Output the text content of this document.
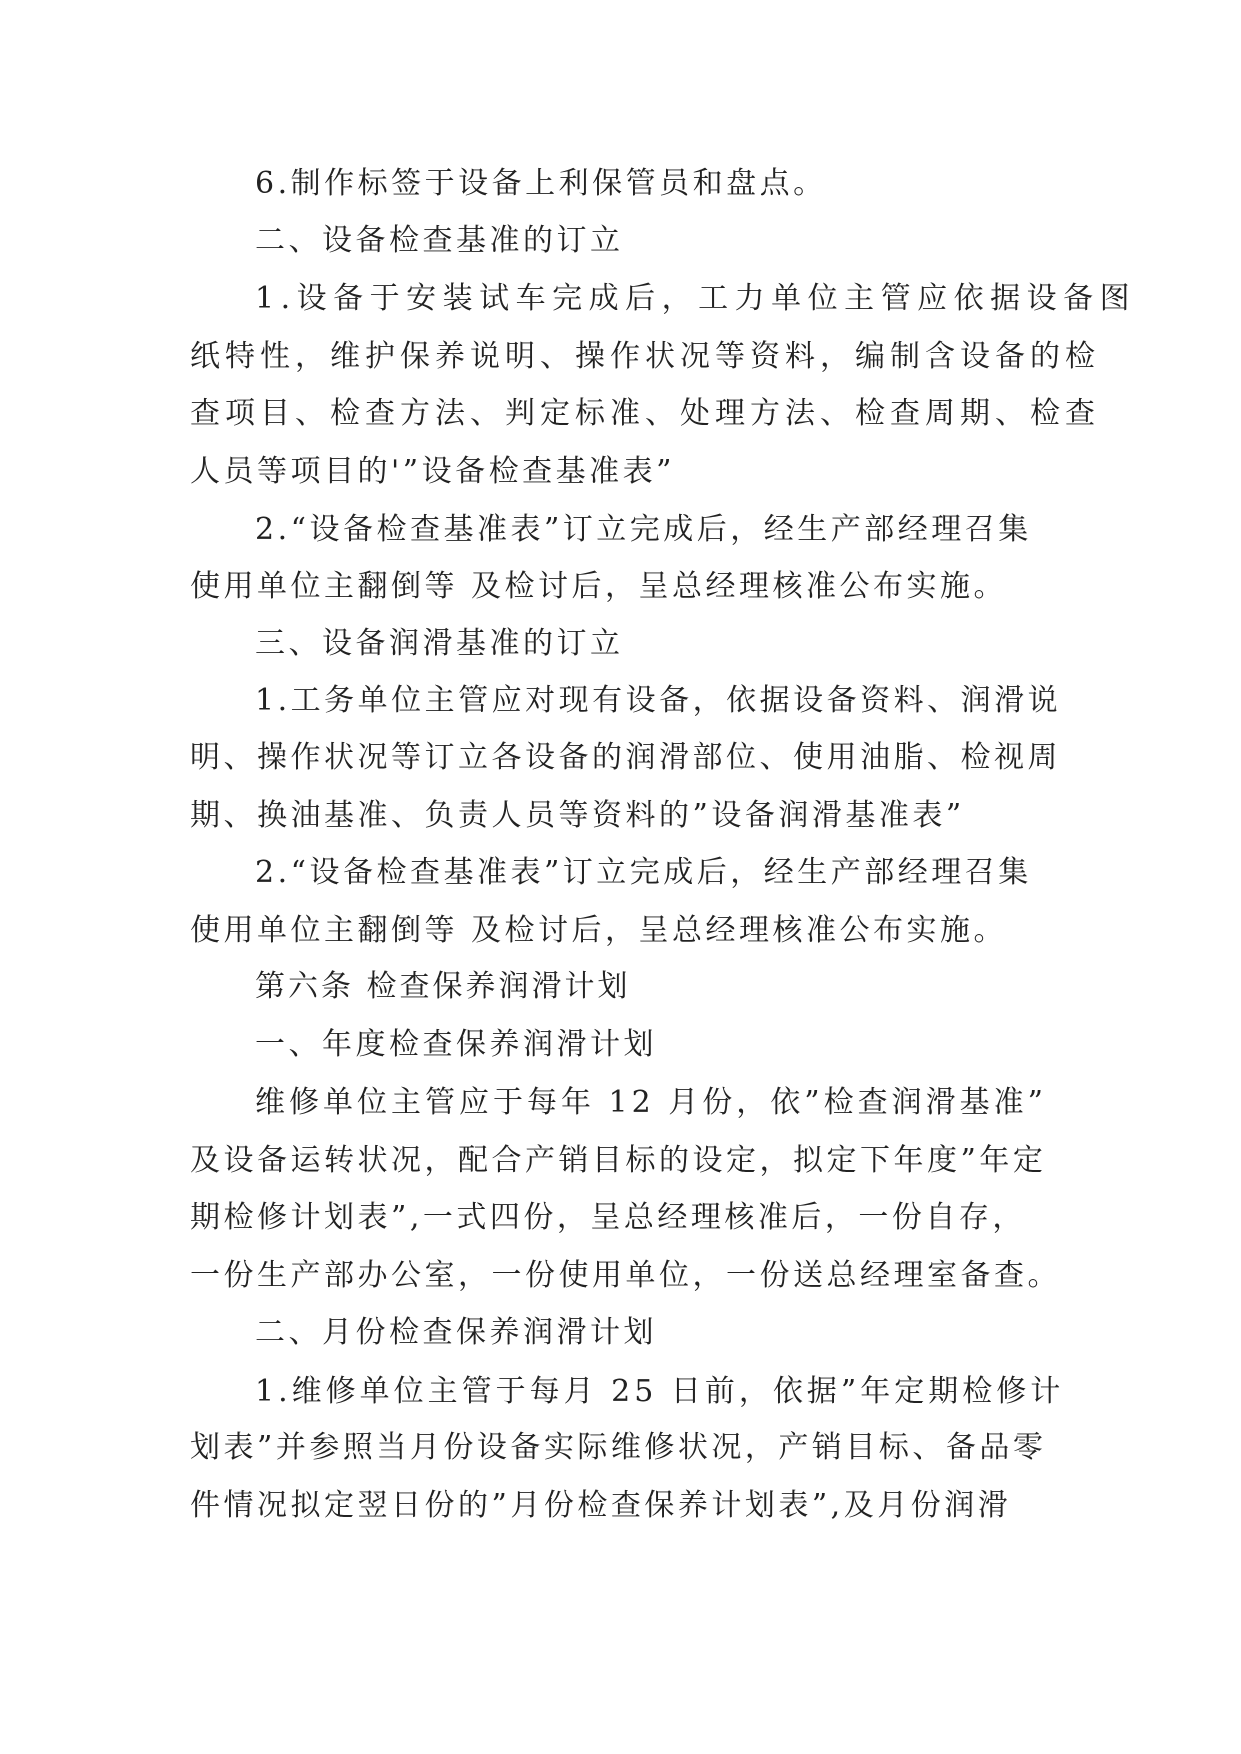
6.制作标签于设备上利保管员和盘点。

二、设备检查基准的订立

1.设备于安装试车完成后，工力单位主管应依据设备图

纸特性，维护保养说明、操作状况等资料，编制含设备的检

查项目、检查方法、判定标准、处理方法、检查周期、检查

人员等项目的'”设备检查基准表”

2.“设备检查基准表”订立完成后，经生产部经理召集

使用单位主翻倒等 及检讨后，呈总经理核准公布实施。

三、设备润滑基准的订立

1.工务单位主管应对现有设备，依据设备资料、润滑说

明、操作状况等订立各设备的润滑部位、使用油脂、检视周

期、换油基准、负责人员等资料的”设备润滑基准表”

2.“设备检查基准表”订立完成后，经生产部经理召集

使用单位主翻倒等 及检讨后，呈总经理核准公布实施。

第六条 检查保养润滑计划

一、年度检查保养润滑计划

维修单位主管应于每年 12 月份，依”检查润滑基准”

及设备运转状况，配合产销目标的设定，拟定下年度”年定

期检修计划表”,一式四份，呈总经理核准后，一份自存，

一份生产部办公室，一份使用单位，一份送总经理室备查。

二、月份检查保养润滑计划

1.维修单位主管于每月 25 日前，依据”年定期检修计

划表”并参照当月份设备实际维修状况，产销目标、备品零

件情况拟定翌日份的”月份检查保养计划表”,及月份润滑
